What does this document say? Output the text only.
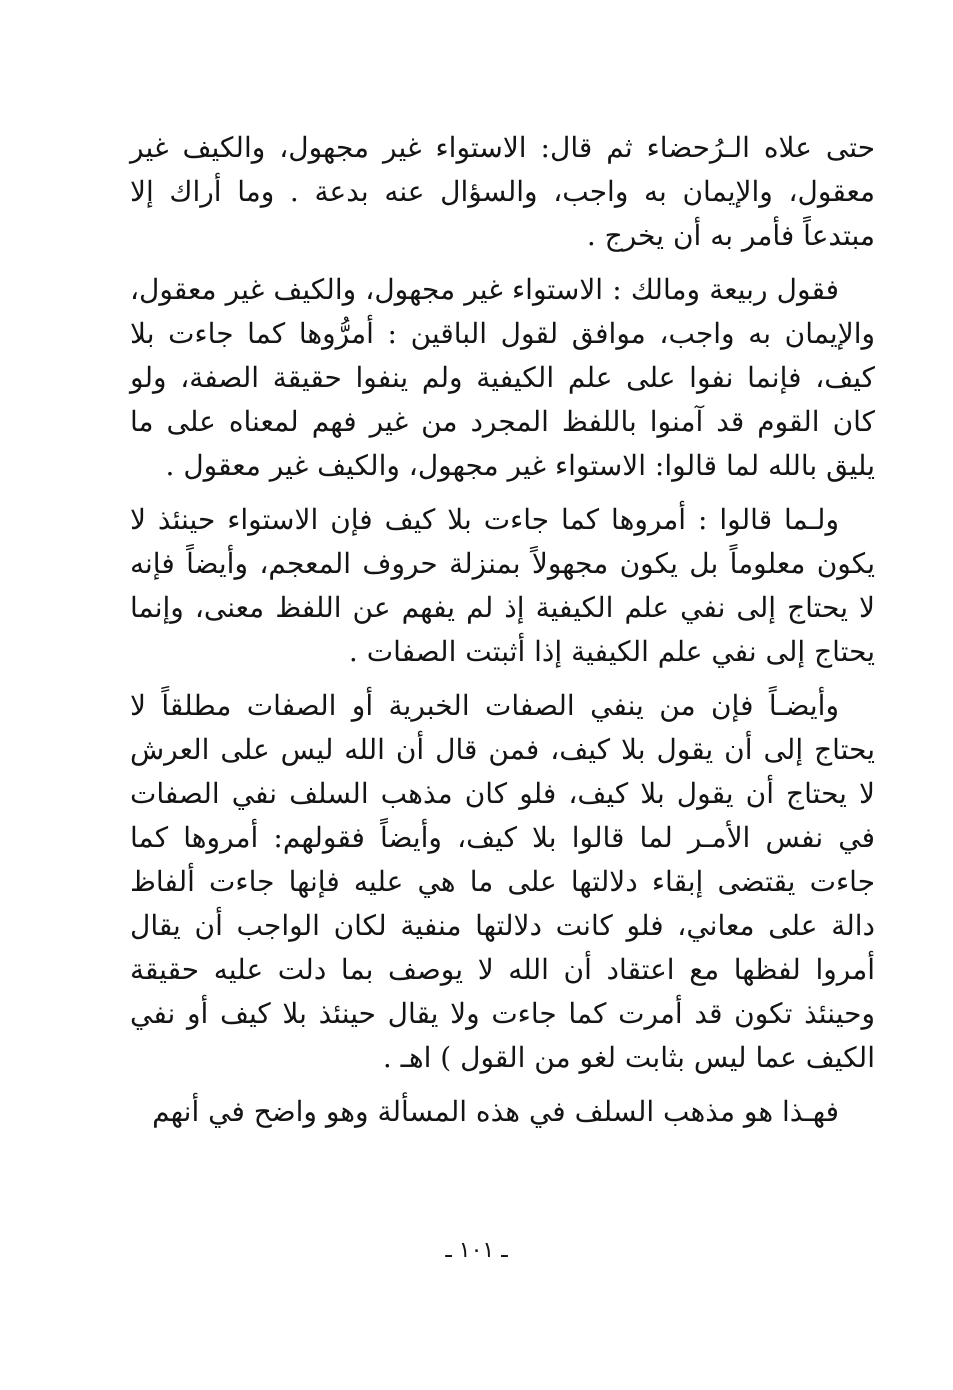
حتى علاه الـرُحضاء ثم قال: الاستواء غير مجهول، والكيف غير معقول، والإيمان به واجب، والسؤال عنه بدعة . وما أراك إلا مبتدعاً فأمر به أن يخرج .

فقول ربيعة ومالك : الاستواء غير مجهول، والكيف غير معقول، والإيمان به واجب، موافق لقول الباقين : أمرُّوها كما جاءت بلا كيف، فإنما نفوا على علم الكيفية ولم ينفوا حقيقة الصفة، ولو كان القوم قد آمنوا باللفظ المجرد من غير فهم لمعناه على ما يليق بالله لما قالوا: الاستواء غير مجهول، والكيف غير معقول .

ولـما قالوا : أمروها كما جاءت بلا كيف فإن الاستواء حينئذ لا يكون معلوماً بل يكون مجهولاً بمنزلة حروف المعجم، وأيضاً فإنه لا يحتاج إلى نفي علم الكيفية إذ لم يفهم عن اللفظ معنى، وإنما يحتاج إلى نفي علم الكيفية إذا أثبتت الصفات .

وأيضـاً فإن من ينفي الصفات الخبرية أو الصفات مطلقاً لا يحتاج إلى أن يقول بلا كيف، فمن قال أن الله ليس على العرش لا يحتاج أن يقول بلا كيف، فلو كان مذهب السلف نفي الصفات في نفس الأمـر لما قالوا بلا كيف، وأيضاً فقولهم: أمروها كما جاءت يقتضى إبقاء دلالتها على ما هي عليه فإنها جاءت ألفاظ دالة على معاني، فلو كانت دلالتها منفية لكان الواجب أن يقال أمروا لفظها مع اعتقاد أن الله لا يوصف بما دلت عليه حقيقة وحينئذ تكون قد أمرت كما جاءت ولا يقال حينئذ بلا كيف أو نفي الكيف عما ليس بثابت لغو من القول ) اهـ .

فهـذا هو مذهب السلف في هذه المسألة وهو واضح في أنهم

ـ ١٠١ ـ
